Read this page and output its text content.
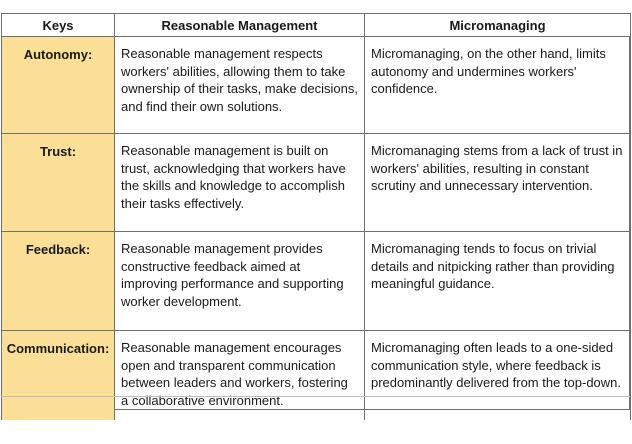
Keys	Reasonable Management	Micromanaging
Autonomy:	Reasonable management respects workers' abilities, allowing them to take ownership of their tasks, make decisions, and find their own solutions.	Micromanaging, on the other hand, limits autonomy and undermines workers' confidence.
Trust:	Reasonable management is built on trust, acknowledging that workers have the skills and knowledge to accomplish their tasks effectively.	Micromanaging stems from a lack of trust in workers' abilities, resulting in constant scrutiny and unnecessary intervention.
Feedback:	Reasonable management provides constructive feedback aimed at improving performance and supporting worker development.	Micromanaging tends to focus on trivial details and nitpicking rather than providing meaningful guidance.
Communication:	Reasonable management encourages open and transparent communication between leaders and workers, fostering a collaborative environment.	Micromanaging often leads to a one-sided communication style, where feedback is predominantly delivered from the top-down.
